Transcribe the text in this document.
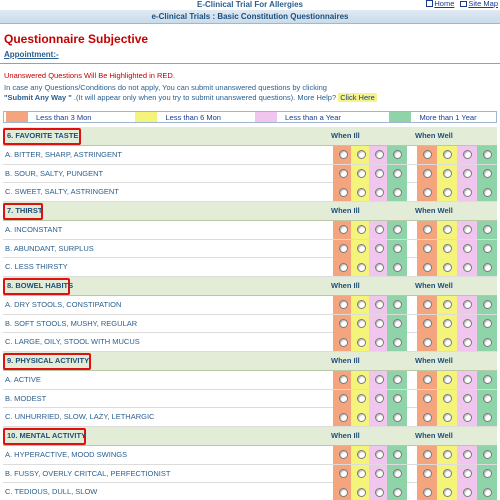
E-Clinical Trial For Allergies	Home	Site Map
e-Clinical Trials : Basic Constitution Questionnaires
Questionnaire Subjective
Appointment:-
Unanswered Questions Will Be Highlighted in RED.
In case any Questions/Conditions do not apply, You can submit unanswered questions by clicking
"Submit Any Way " .(It will appear only when you try to submit unanswered questions). More Help? Click Here
Less than 3 Mon	Less than 6 Mon	Less than a Year	More than 1 Year
6. FAVORITE TASTE	When Ill	When Well
A. BITTER, SHARP, ASTRINGENT
B. SOUR, SALTY, PUNGENT
C. SWEET, SALTY, ASTRINGENT
7. THIRST	When Ill	When Well
A. INCONSTANT
B. ABUNDANT, SURPLUS
C. LESS THIRSTY
8. BOWEL HABITS	When Ill	When Well
A. DRY STOOLS, CONSTIPATION
B. SOFT STOOLS, MUSHY, REGULAR
C. LARGE, OILY, STOOL WITH MUCUS
9. PHYSICAL ACTIVITY	When Ill	When Well
A. ACTIVE
B. MODEST
C. UNHURRIED, SLOW, LAZY, LETHARGIC
10. MENTAL ACTIVITY	When Ill	When Well
A. HYPERACTIVE, MOOD SWINGS
B. FUSSY, OVERLY CRITCAL, PERFECTIONIST
C. TEDIOUS, DULL, SLOW
